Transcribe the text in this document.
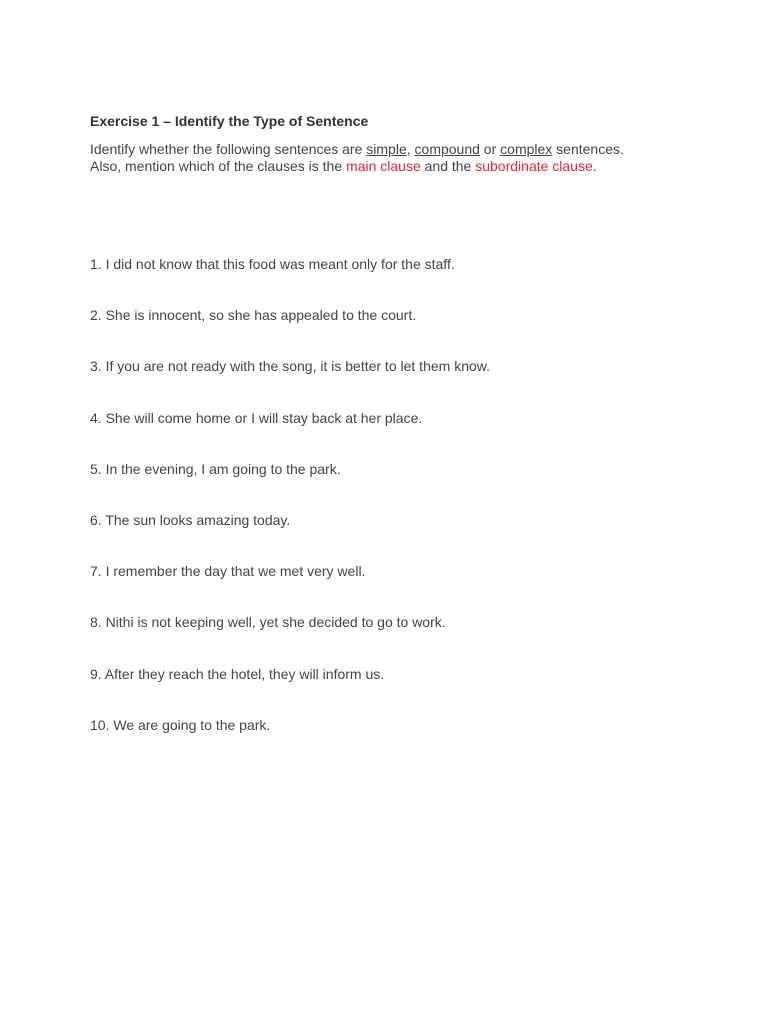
Exercise 1 – Identify the Type of Sentence
Identify whether the following sentences are simple, compound or complex sentences.
Also, mention which of the clauses is the main clause and the subordinate clause.
1. I did not know that this food was meant only for the staff.
2. She is innocent, so she has appealed to the court.
3. If you are not ready with the song, it is better to let them know.
4. She will come home or I will stay back at her place.
5. In the evening, I am going to the park.
6. The sun looks amazing today.
7. I remember the day that we met very well.
8. Nithi is not keeping well, yet she decided to go to work.
9. After they reach the hotel, they will inform us.
10. We are going to the park.
